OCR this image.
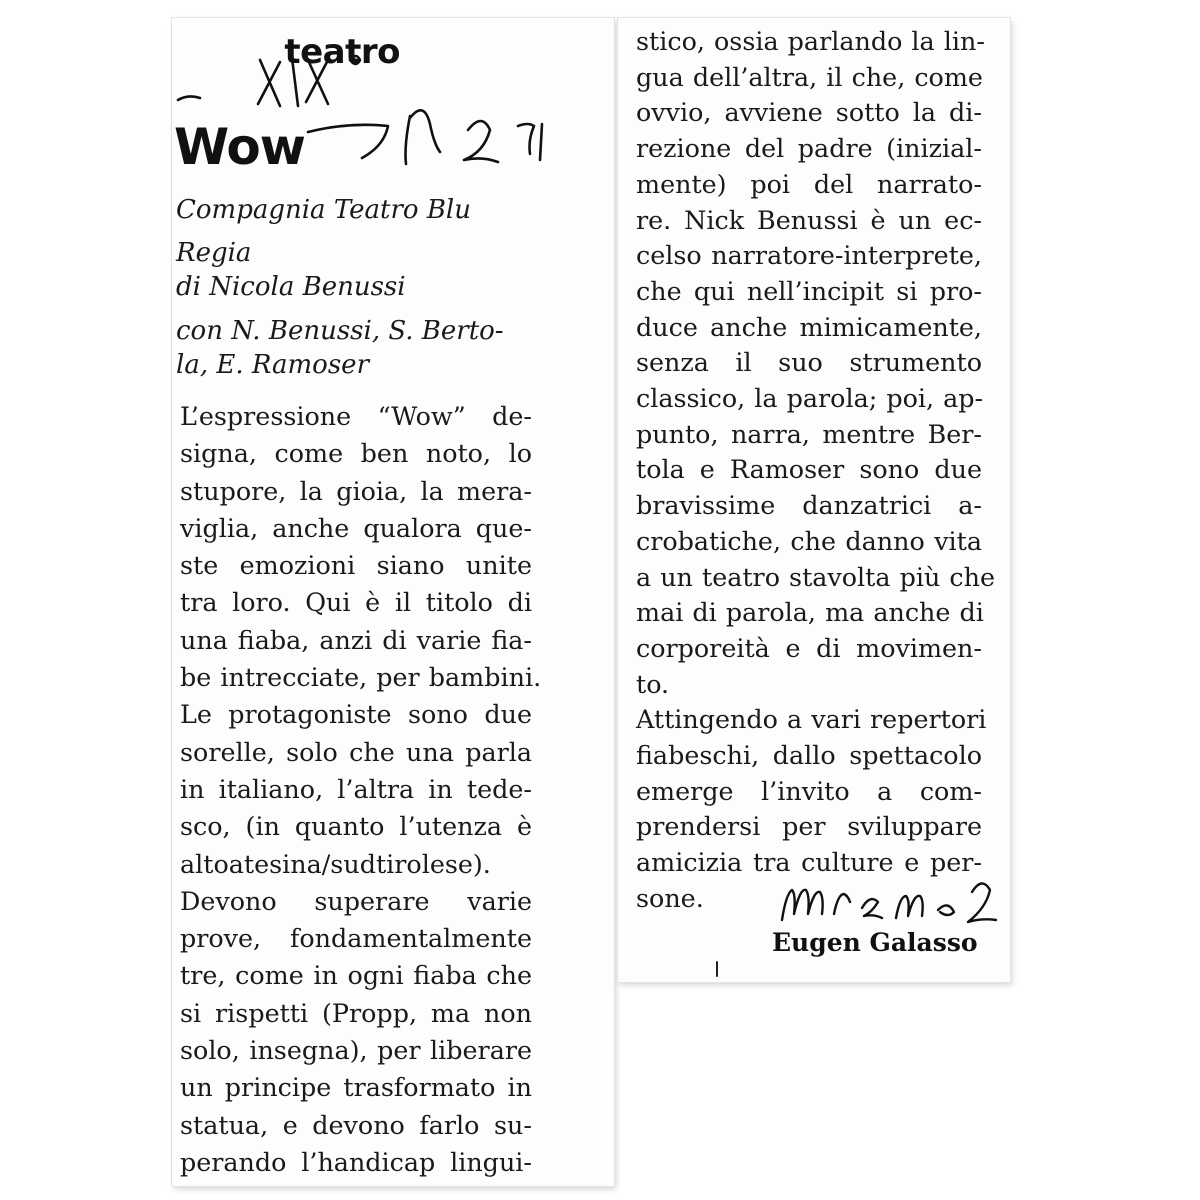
teatro
Wow

Compagnia Teatro Blu

Regia
di Nicola Benussi

con N. Benussi, S. Berto-
la, E. Ramoser

L’espressione “Wow” de-
signa, come ben noto, lo
stupore, la gioia, la mera-
viglia, anche qualora que-
ste emozioni siano unite
tra loro. Qui è il titolo di
una fiaba, anzi di varie fia-
be intrecciate, per bambini.
Le protagoniste sono due
sorelle, solo che una parla
in italiano, l’altra in tede-
sco, (in quanto l’utenza è
altoatesina/sudtirolese).
Devono superare varie
prove, fondamentalmente
tre, come in ogni fiaba che
si rispetti (Propp, ma non
solo, insegna), per liberare
un principe trasformato in
statua, e devono farlo su-
perando l’handicap lingui-
stico, ossia parlando la lin-
gua dell’altra, il che, come
ovvio, avviene sotto la di-
rezione del padre (inizial-
mente) poi del narrato-
re. Nick Benussi è un ec-
celso narratore-interprete,
che qui nell’incipit si pro-
duce anche mimicamente,
senza il suo strumento
classico, la parola; poi, ap-
punto, narra, mentre Ber-
tola e Ramoser sono due
bravissime danzatrici a-
crobatiche, che danno vita
a un teatro stavolta più che
mai di parola, ma anche di
corporeità e di movimen-
to.
Attingendo a vari repertori
fiabeschi, dallo spettacolo
emerge l’invito a com-
prendersi per sviluppare
amicizia tra culture e per-
sone.
Eugen Galasso
